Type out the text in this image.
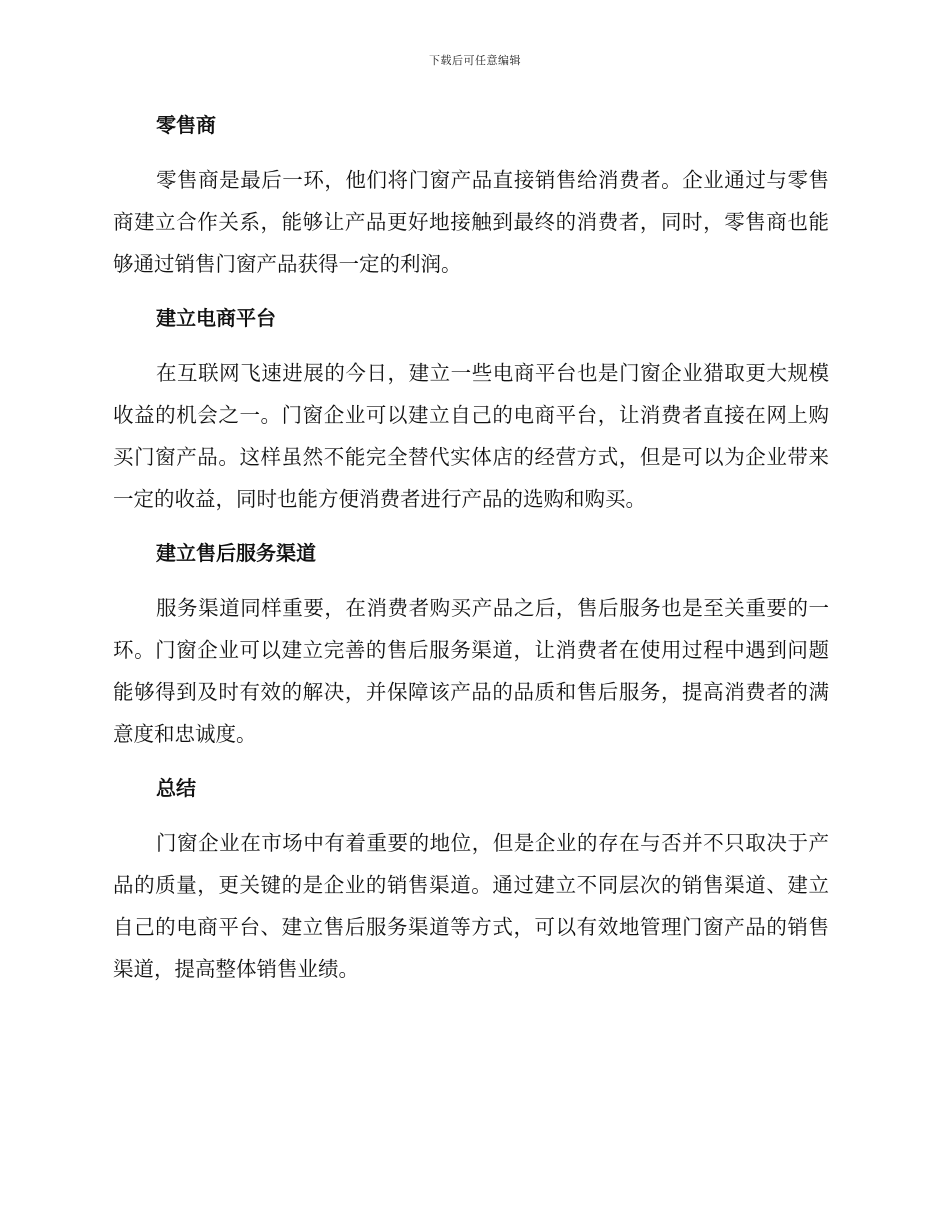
下载后可任意编辑
零售商

零售商是最后一环，他们将门窗产品直接销售给消费者。企业通过与零售商建立合作关系，能够让产品更好地接触到最终的消费者，同时，零售商也能够通过销售门窗产品获得一定的利润。

建立电商平台

在互联网飞速进展的今日，建立一些电商平台也是门窗企业猎取更大规模收益的机会之一。门窗企业可以建立自己的电商平台，让消费者直接在网上购买门窗产品。这样虽然不能完全替代实体店的经营方式，但是可以为企业带来一定的收益，同时也能方便消费者进行产品的选购和购买。

建立售后服务渠道

服务渠道同样重要，在消费者购买产品之后，售后服务也是至关重要的一环。门窗企业可以建立完善的售后服务渠道，让消费者在使用过程中遇到问题能够得到及时有效的解决，并保障该产品的品质和售后服务，提高消费者的满意度和忠诚度。

总结

门窗企业在市场中有着重要的地位，但是企业的存在与否并不只取决于产品的质量，更关键的是企业的销售渠道。通过建立不同层次的销售渠道、建立自己的电商平台、建立售后服务渠道等方式，可以有效地管理门窗产品的销售渠道，提高整体销售业绩。
